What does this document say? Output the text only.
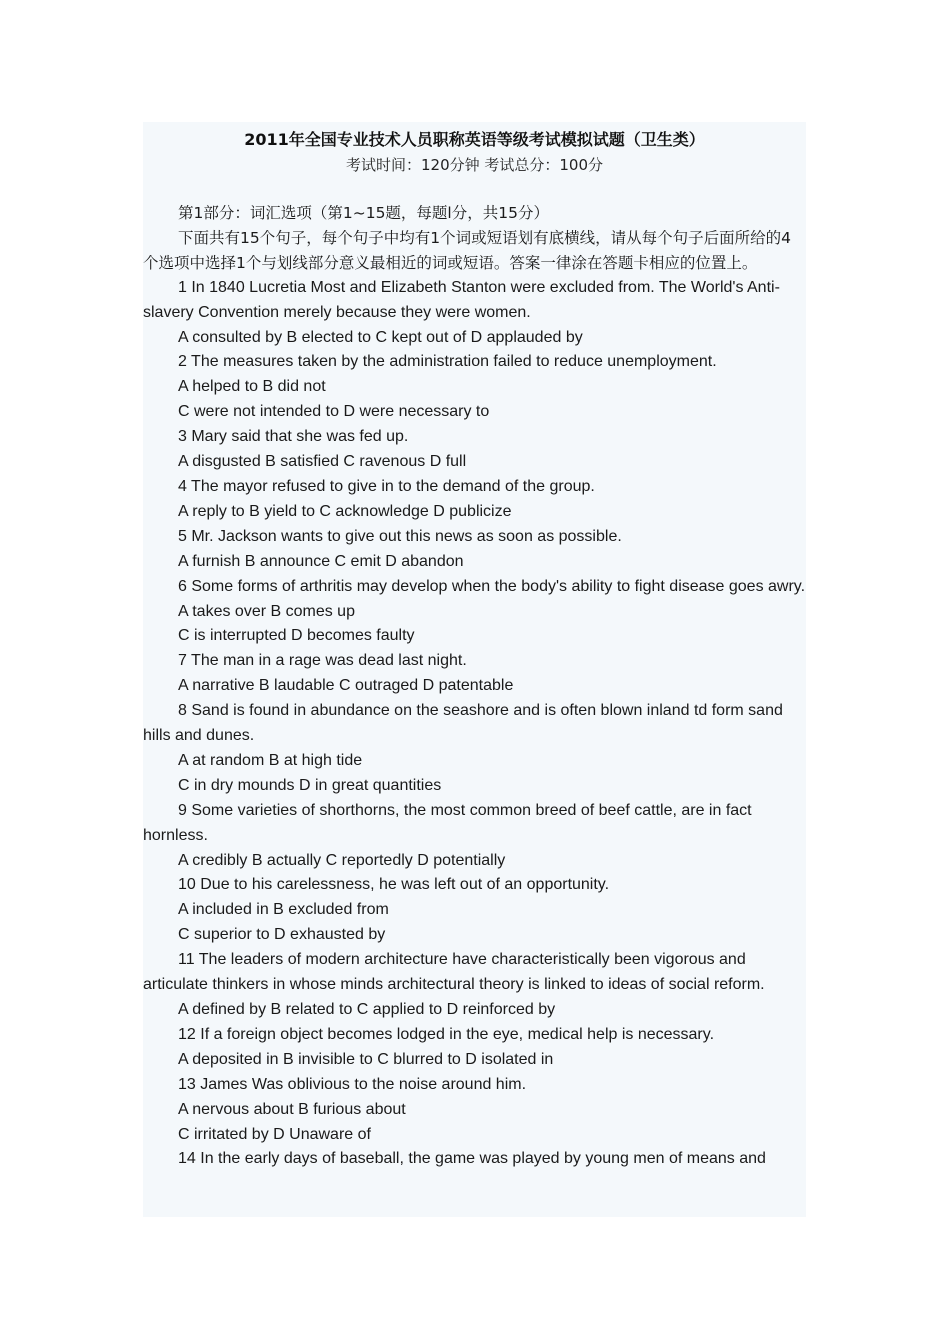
2011年全国专业技术人员职称英语等级考试模拟试题（卫生类）
考试时间：120分钟 考试总分：100分
第1部分：词汇选项（第1~15题，每题l分，共15分）
下面共有15个句子，每个句子中均有1个词或短语划有底横线，请从每个句子后面所给的4个选项中选择1个与划线部分意义最相近的词或短语。答案一律涂在答题卡相应的位置上。
1 In 1840 Lucretia Most and Elizabeth Stanton were excluded from. The World's Anti-slavery Convention merely because they were women.
A consulted by B elected to C kept out of D applauded by
2 The measures taken by the administration failed to reduce unemployment.
A helped to B did not
C were not intended to D were necessary to
3 Mary said that she was fed up.
A disgusted B satisfied C ravenous D full
4 The mayor refused to give in to the demand of the group.
A reply to B yield to C acknowledge D publicize
5 Mr. Jackson wants to give out this news as soon as possible.
A furnish B announce C emit D abandon
6 Some forms of arthritis may develop when the body's ability to fight disease goes awry.
A takes over B comes up
C is interrupted D becomes faulty
7 The man in a rage was dead last night.
A narrative B laudable C outraged D patentable
8 Sand is found in abundance on the seashore and is often blown inland td form sand hills and dunes.
A at random B at high tide
C in dry mounds D in great quantities
9 Some varieties of shorthorns, the most common breed of beef cattle, are in fact hornless.
A credibly B actually C reportedly D potentially
10 Due to his carelessness, he was left out of an opportunity.
A included in B excluded from
C superior to D exhausted by
11 The leaders of modern architecture have characteristically been vigorous and articulate thinkers in whose minds architectural theory is linked to ideas of social reform.
A defined by B related to C applied to D reinforced by
12 If a foreign object becomes lodged in the eye, medical help is necessary.
A deposited in B invisible to C blurred to D isolated in
13 James Was oblivious to the noise around him.
A nervous about B furious about
C irritated by D Unaware of
14 In the early days of baseball, the game was played by young men of means and
